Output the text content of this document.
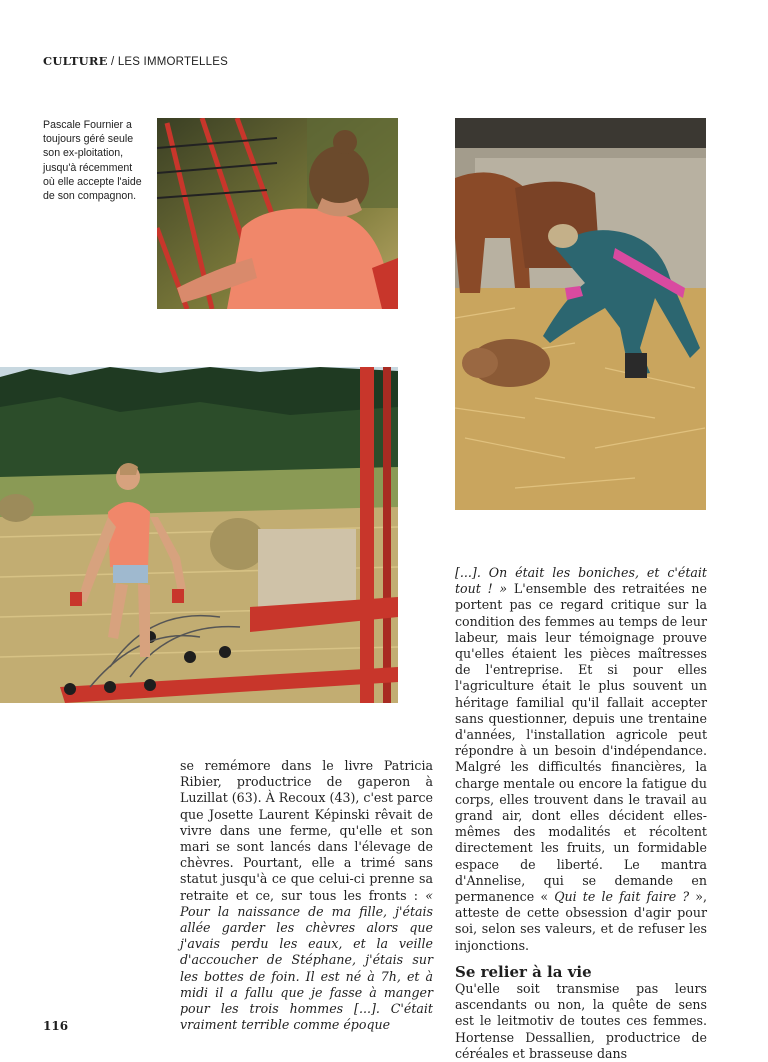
CULTURE / LES IMMORTELLES
Pascale Fournier a toujours géré seule son ex-ploitation, jusqu'à récemment où elle accepte l'aide de son compagnon.

se remémore dans le livre Patricia Ribier, productrice de gaperon à Luzillat (63). À Recoux (43), c'est parce que Josette Laurent Képinski rêvait de vivre dans une ferme, qu'elle et son mari se sont lancés dans l'élevage de chèvres. Pourtant, elle a trimé sans statut jusqu'à ce que celui-ci prenne sa retraite et ce, sur tous les fronts : « Pour la naissance de ma fille, j'étais allée garder les chèvres alors que j'avais perdu les eaux, et la veille d'accoucher de Stéphane, j'étais sur les bottes de foin. Il est né à 7h, et à midi il a fallu que je fasse à manger pour les trois hommes [...]. C'était vraiment terrible comme époque

[...]. On était les boniches, et c'était tout ! » L'ensemble des retraitées ne portent pas ce regard critique sur la condition des femmes au temps de leur labeur, mais leur témoignage prouve qu'elles étaient les pièces maîtresses de l'entreprise. Et si pour elles l'agriculture était le plus souvent un héritage familial qu'il fallait accepter sans questionner, depuis une trentaine d'années, l'installation agricole peut répondre à un besoin d'indépendance. Malgré les difficultés financières, la charge mentale ou encore la fatigue du corps, elles trouvent dans le travail au grand air, dont elles décident elles-mêmes des modalités et récoltent directement les fruits, un formidable espace de liberté. Le mantra d'Annelise, qui se demande en permanence « Qui te le fait faire ? », atteste de cette obsession d'agir pour soi, selon ses valeurs, et de refuser les injonctions.

Se relier à la vie

Qu'elle soit transmise pas leurs ascendants ou non, la quête de sens est le leitmotiv de toutes ces femmes. Hortense Dessallien, productrice de céréales et brasseuse dans

116
